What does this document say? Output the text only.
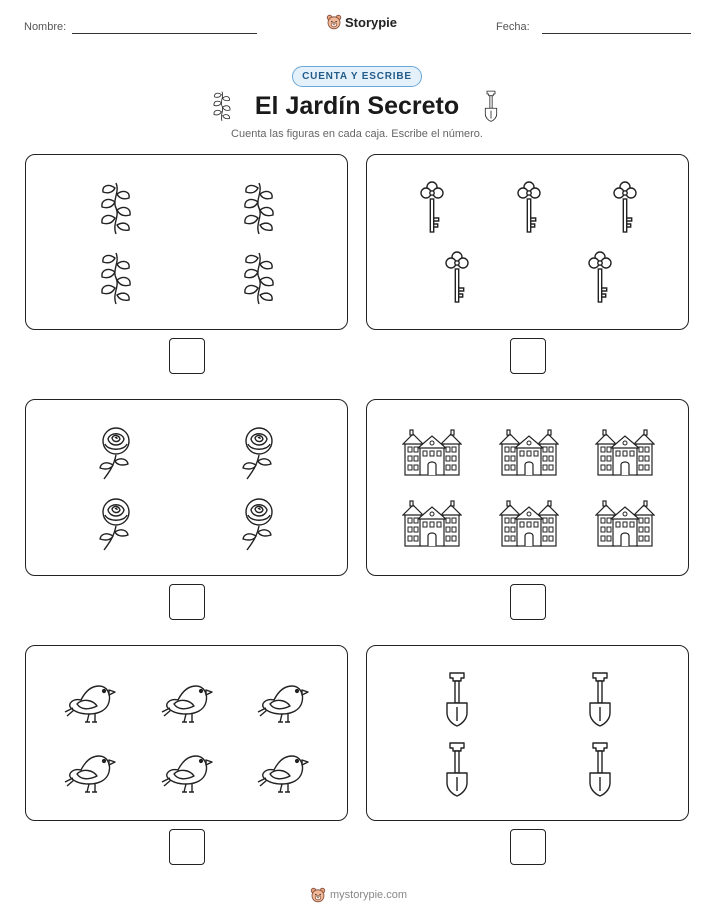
Nombre:	Storypie	Fecha:
CUENTA Y ESCRIBE
El Jardín Secreto
Cuenta las figuras en cada caja. Escribe el número.
mystorypie.com
